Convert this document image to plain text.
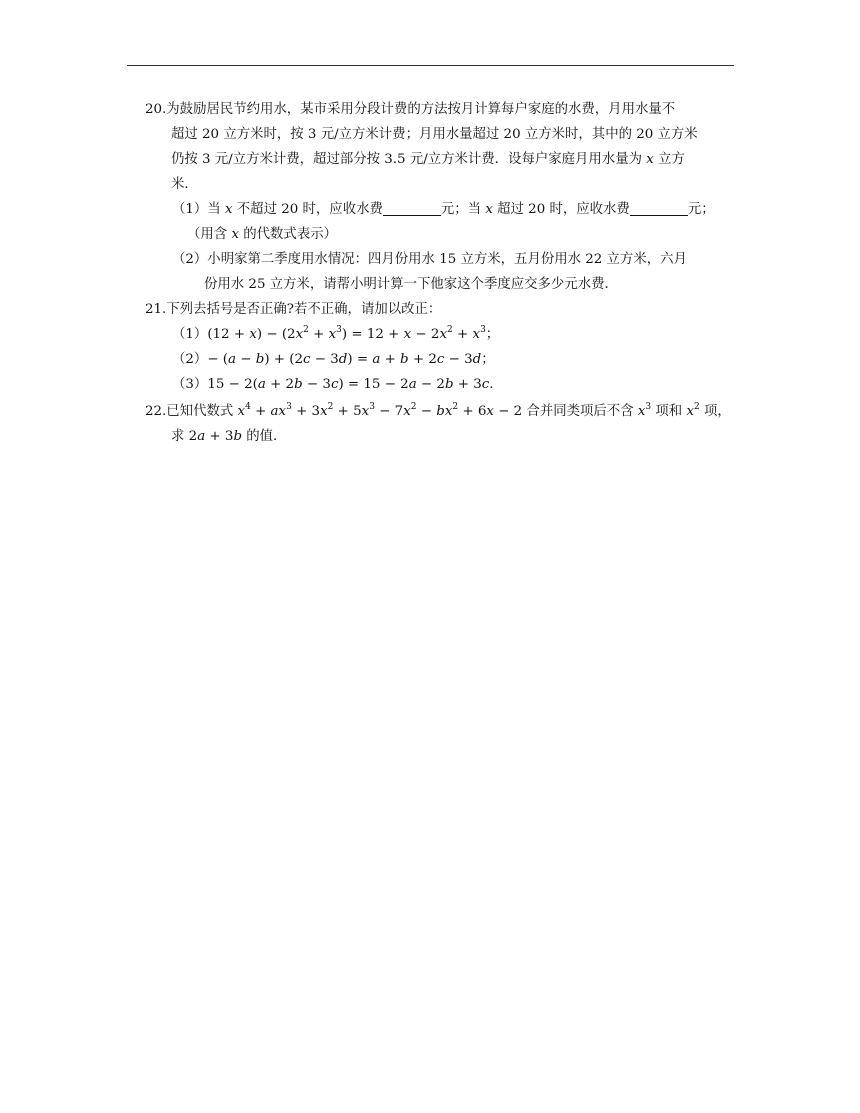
20.为鼓励居民节约用水，某市采用分段计费的方法按月计算每户家庭的水费，月用水量不
超过 20 立方米时，按 3 元/立方米计费；月用水量超过 20 立方米时，其中的 20 立方米
仍按 3 元/立方米计费，超过部分按 3.5 元/立方米计费．设每户家庭月用水量为 x 立方
米．
（1）当 x 不超过 20 时，应收水费	元；当 x 超过 20 时，应收水费	元；
（用含 x 的代数式表示）
（2）小明家第二季度用水情况：四月份用水 15 立方米，五月份用水 22 立方米，六月
份用水 25 立方米，请帮小明计算一下他家这个季度应交多少元水费．
21.下列去括号是否正确?若不正确，请加以改正：
$(1)(12 + x) - (2x^2 + x^3) = 12 + x - 2x^2 + x^3$；
（2）− (a − b) + (2c − 3d) = a + b + 2c − 3d；
（3）15 − 2(a + 2b − 3c) = 15 − 2a − 2b + 3c.
22.已知代数式 $x^4 + ax^3 + 3x^2 + 5x^3 - 7x^2 - bx^2 + 6x - 2$ 合并同类项后不含 $x^3$ 项和 $x^2$ 项，
求 2a + 3b 的值．
